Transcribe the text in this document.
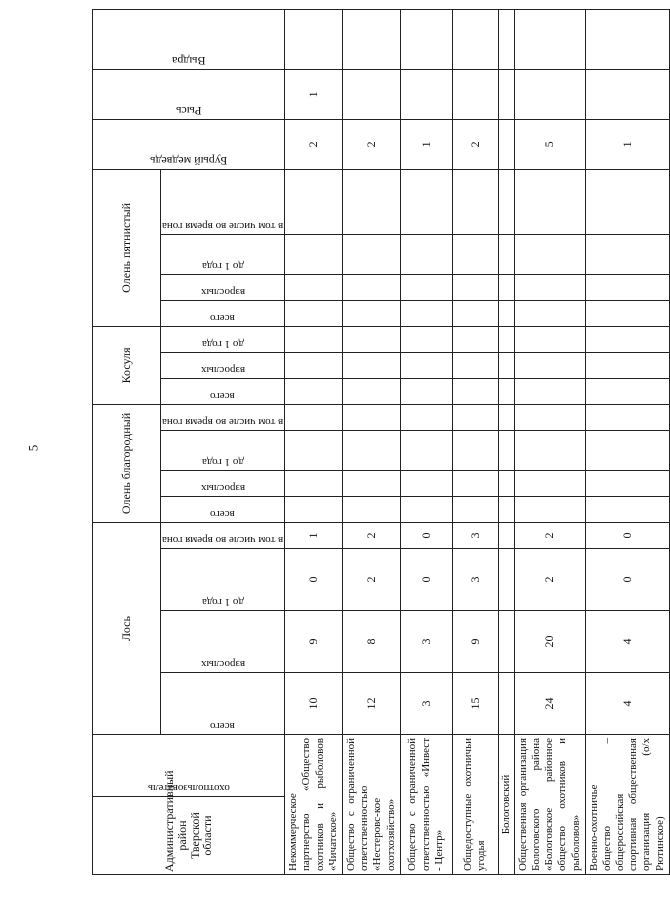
5
Административный район Тверской области	охотпользователь	Лось				Олень благородный				Косуля			Олень пятнистый				Бурый медведь	Рысь	Выдра

		всего	взрослых	до 1 года	в том числе во время гона	всего	взрослых	до 1 года	в том числе во время гона	всего	взрослых	до 1 года	всего	взрослых	до 1 года	в том числе во время гона				

Некоммерческое партнерство «Общество охотников и рыболовов «Чичатское»		10	9	0	1												2	1		
Общество с ограниченной ответственностью «Нестеровс-кое охотхозяйство»		12	8	2	2												2			
Общество с ограниченной ответственностью «Инвест - Центр»		3	3	0	0												1			
Общедоступные охотничьи угодья		15	9	3	3												2			
Бологовский																				
Общественная организация Бологовского района «Бологовское районное общество охотников и рыболовов»		24	20	2	2												5			
Военно-охотничье общество – общероссийская спортивная общественная организация (о/х Рютинское)		4	4	0	0												1			
